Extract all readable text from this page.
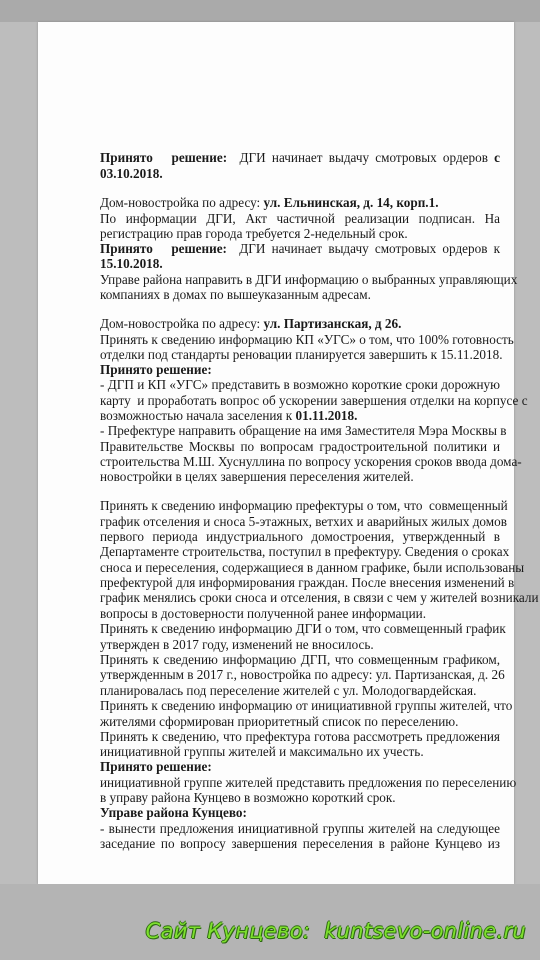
Принято   решение:  ДГИ начинает выдачу смотровых ордеров с
03.10.2018.
Дом-новостройка по адресу: ул. Ельнинская, д. 14, корп.1.
По информации ДГИ, Акт частичной реализации подписан. На
регистрацию прав города требуется 2-недельный срок.
Принято   решение:  ДГИ начинает выдачу смотровых ордеров к
15.10.2018.
Управе района направить в ДГИ информацию о выбранных управляющих
компаниях в домах по вышеуказанным адресам.
Дом-новостройка по адресу: ул. Партизанская, д 26.
Принять к сведению информацию КП «УГС» о том, что 100% готовность
отделки под стандарты реновации планируется завершить к 15.11.2018.
Принято решение:
- ДГП и КП «УГС» представить в возможно короткие сроки дорожную
карту  и проработать вопрос об ускорении завершения отделки на корпусе с
возможностью начала заселения к 01.11.2018.
- Префектуре направить обращение на имя Заместителя Мэра Москвы в
Правительстве Москвы по вопросам градостроительной политики и
строительства М.Ш. Хуснуллина по вопросу ускорения сроков ввода дома-
новостройки в целях завершения переселения жителей.
Принять к сведению информацию префектуры о том, что  совмещенный
график отселения и сноса 5-этажных, ветхих и аварийных жилых домов
первого периода индустриального домостроения, утвержденный в
Департаменте строительства, поступил в префектуру. Сведения о сроках
сноса и переселения, содержащиеся в данном графике, были использованы
префектурой для информирования граждан. После внесения изменений в
график менялись сроки сноса и отселения, в связи с чем у жителей возникали
вопросы в достоверности полученной ранее информации.
Принять к сведению информацию ДГИ о том, что совмещенный график
утвержден в 2017 году, изменений не вносилось.
Принять к сведению информацию ДГП, что совмещенным графиком,
утвержденным в 2017 г., новостройка по адресу: ул. Партизанская, д. 26
планировалась под переселение жителей с ул. Молодогвардейская.
Принять к сведению информацию от инициативной группы жителей, что
жителями сформирован приоритетный список по переселению.
Принять к сведению, что префектура готова рассмотреть предложения
инициативной группы жителей и максимально их учесть.
Принято решение:
инициативной группе жителей представить предложения по переселению
в управу района Кунцево в возможно короткий срок.
Управе района Кунцево:
- вынести предложения инициативной группы жителей на следующее
заседание по вопросу завершения переселения в районе Кунцево из
Сайт Кунцево: kuntsevo-online.ru
